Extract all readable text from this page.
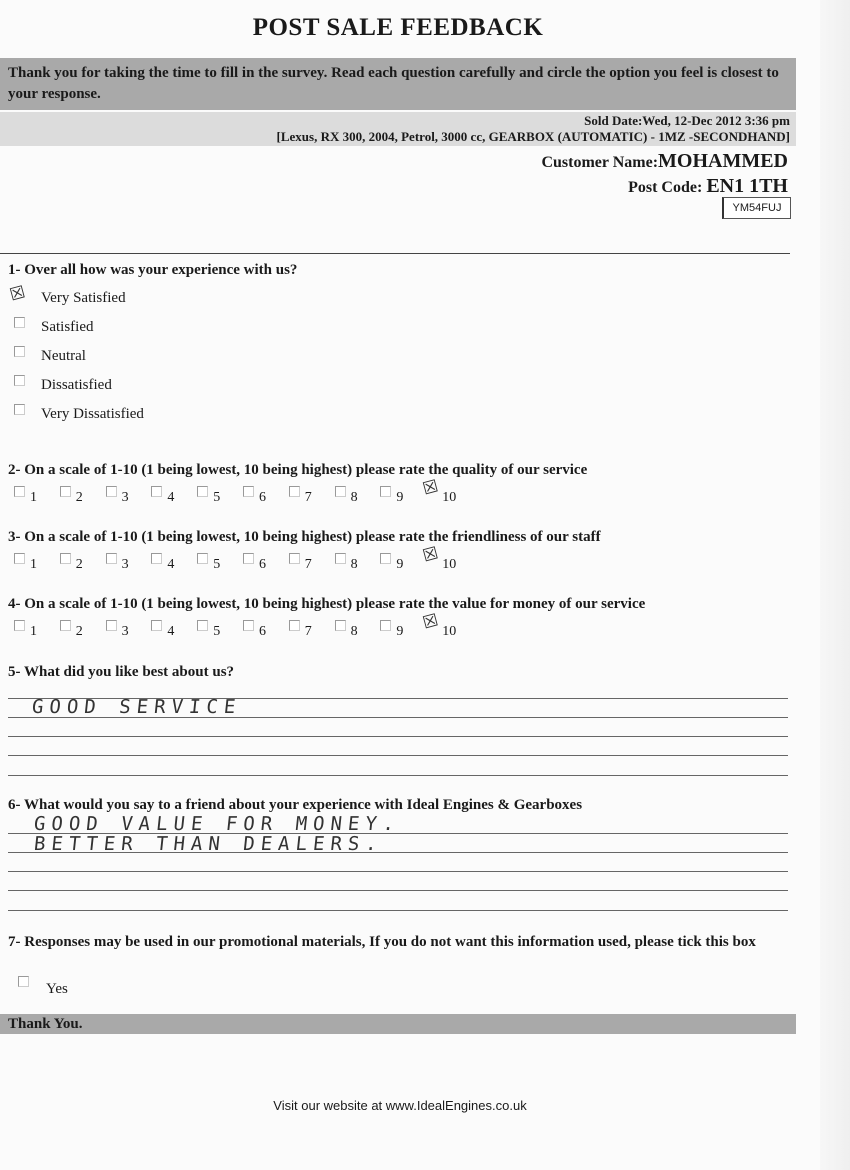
POST SALE FEEDBACK
Thank you for taking the time to fill in the survey. Read each question carefully and circle the option you feel is closest to your response.
Sold Date:Wed, 12-Dec 2012 3:36 pm
[Lexus, RX 300, 2004, Petrol, 3000 cc, GEARBOX (AUTOMATIC) - 1MZ -SECONDHAND]
Customer Name:MOHAMMED
Post Code: EN1 1TH
YM54FUJ
1- Over all how was your experience with us?
☒ Very Satisfied
Satisfied
Neutral
Dissatisfied
Very Dissatisfied
2- On a scale of 1-10 (1 being lowest, 10 being highest) please rate the quality of our service
1	2	3	4	5	6	7	8	9 ☒ 10
3- On a scale of 1-10 (1 being lowest, 10 being highest) please rate the friendliness of our staff
1	2	3	4	5	6	7	8	9 ☒ 10
4- On a scale of 1-10 (1 being lowest, 10 being highest) please rate the value for money of our service
1	2	3	4	5	6	7	8	9 ☒ 10
5- What did you like best about us?
GOOD SERVICE
6- What would you say to a friend about your experience with Ideal Engines & Gearboxes
GOOD VALUE FOR MONEY.
BETTER THAN DEALERS.
7- Responses may be used in our promotional materials, If you do not want this information used, please tick this box
Yes
Thank You.
Visit our website at www.IdealEngines.co.uk
